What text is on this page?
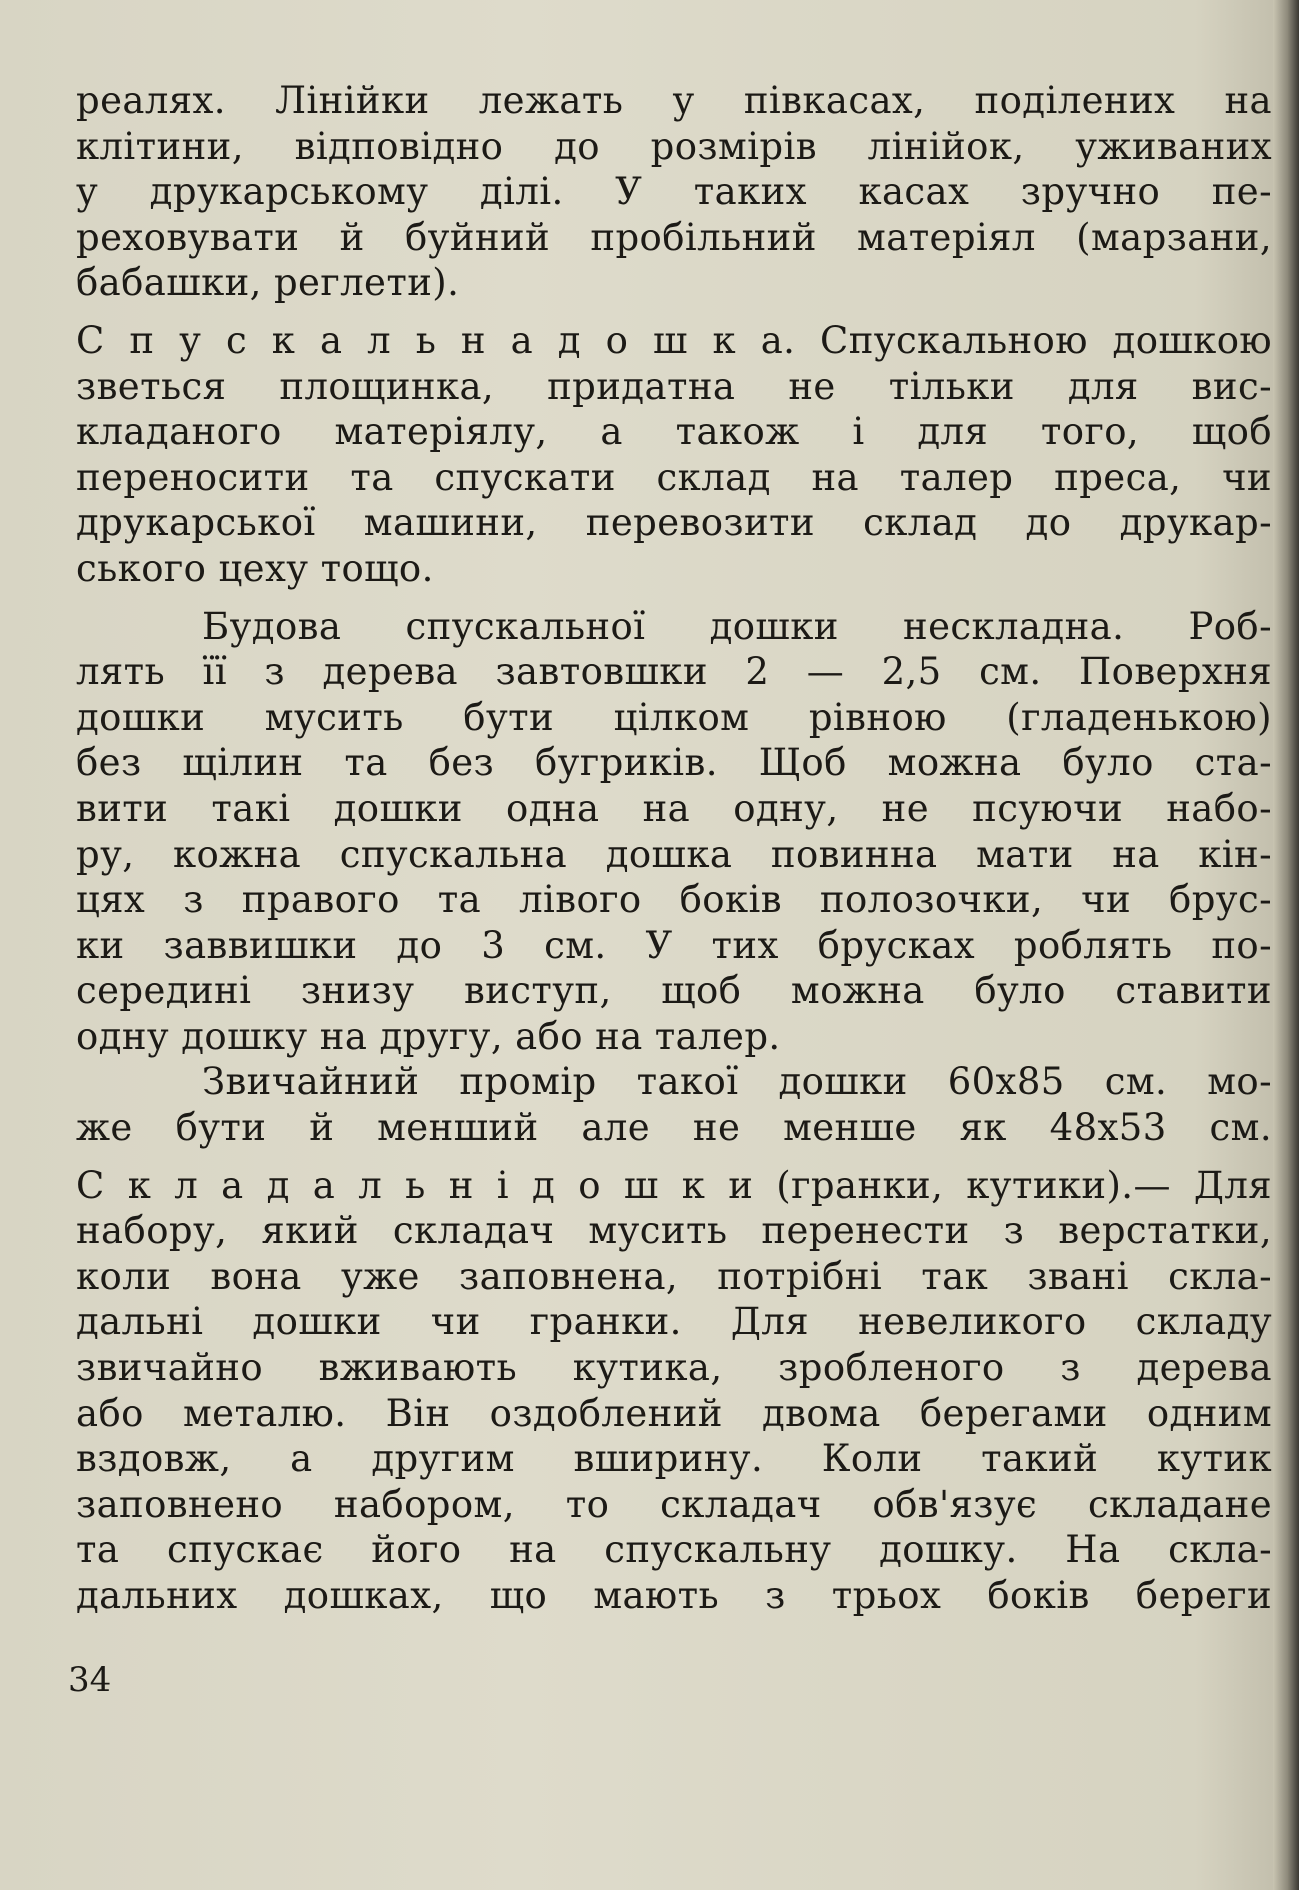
реалях. Лінійки лежать у півкасах, поділених на
клітини, відповідно до розмірів лінійок, уживаних
у друкарському ділі. У таких касах зручно пе-
реховувати й буйний пробільний матеріял (марзани,
бабашки, реглети).
С п у с к а л ь н а д о ш к а. Спускальною дошкою
зветься площинка, придатна не тільки для вис-
кладаного матеріялу, а також і для того, щоб
переносити та спускати склад на талер преса, чи
друкарської машини, перевозити склад до друкар-
ського цеху тощо.
Будова спускальної дошки нескладна. Роб-
лять її з дерева завтовшки 2 — 2,5 см. Поверхня
дошки мусить бути цілком рівною (гладенькою)
без щілин та без бугриків. Щоб можна було ста-
вити такі дошки одна на одну, не псуючи набо-
ру, кожна спускальна дошка повинна мати на кін-
цях з правого та лівого боків полозочки, чи брус-
ки заввишки до 3 см. У тих брусках роблять по-
середині знизу виступ, щоб можна було ставити
одну дошку на другу, або на талер.
Звичайний промір такої дошки 60x85 см. мо-
же бути й менший але не менше як 48x53 см.
С к л а д а л ь н і д о ш к и (гранки, кутики).— Для
набору, який складач мусить перенести з верстатки,
коли вона уже заповнена, потрібні так звані скла-
дальні дошки чи гранки. Для невеликого складу
звичайно вживають кутика, зробленого з дерева
або металю. Він оздоблений двома берегами одним
вздовж, а другим вширину. Коли такий кутик
заповнено набором, то складач обв'язує складане
та спускає його на спускальну дошку. На скла-
дальних дошках, що мають з трьох боків береги
34
